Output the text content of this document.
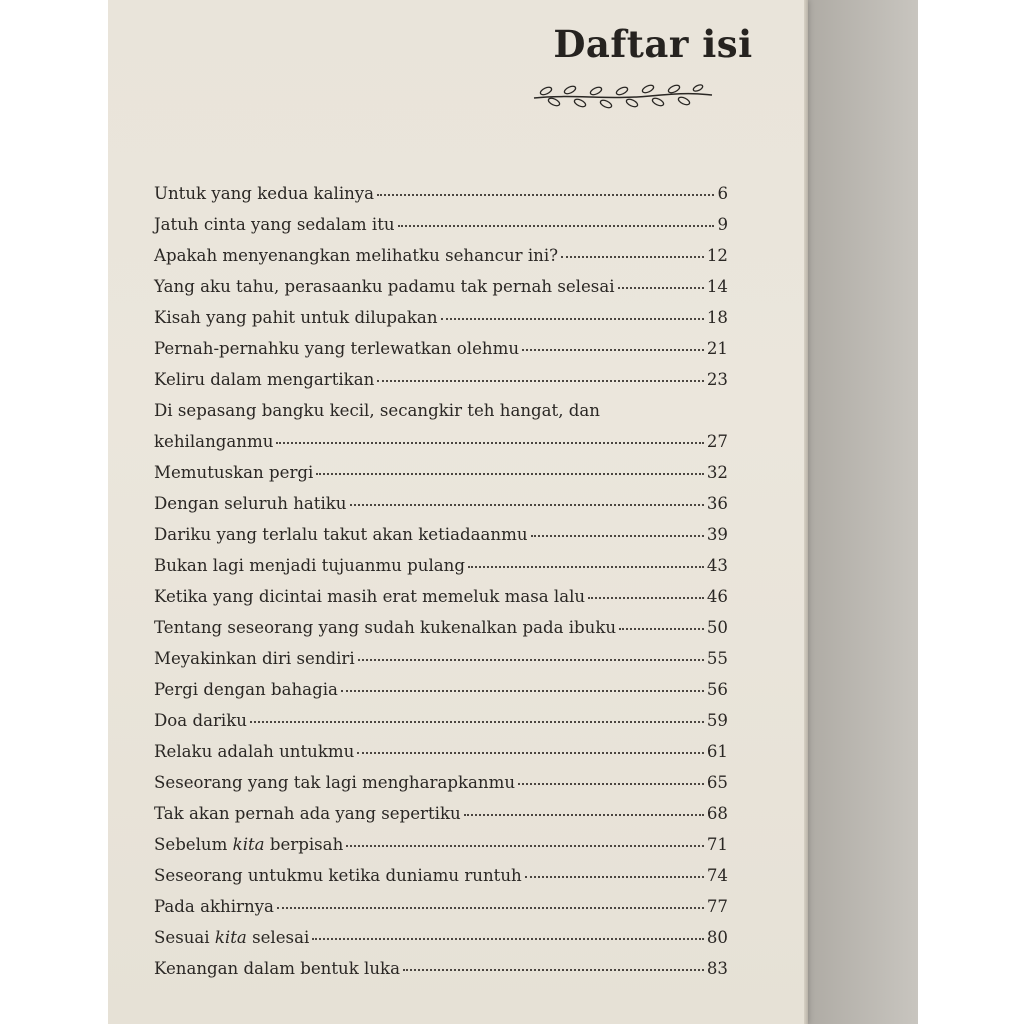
Daftar isi
Untuk yang kedua kalinya	6
Jatuh cinta yang sedalam itu	9
Apakah menyenangkan melihatku sehancur ini?	12
Yang aku tahu, perasaanku padamu tak pernah selesai	14
Kisah yang pahit untuk dilupakan	18
Pernah-pernahku yang terlewatkan olehmu	21
Keliru dalam mengartikan	23
Di sepasang bangku kecil, secangkir teh hangat, dan
kehilanganmu	27
Memutuskan pergi	32
Dengan seluruh hatiku	36
Dariku yang terlalu takut akan ketiadaanmu	39
Bukan lagi menjadi tujuanmu pulang	43
Ketika yang dicintai masih erat memeluk masa lalu	46
Tentang seseorang yang sudah kukenalkan pada ibuku	50
Meyakinkan diri sendiri	55
Pergi dengan bahagia	56
Doa dariku	59
Relaku adalah untukmu	61
Seseorang yang tak lagi mengharapkanmu	65
Tak akan pernah ada yang sepertiku	68
Sebelum kita berpisah	71
Seseorang untukmu ketika duniamu runtuh	74
Pada akhirnya	77
Sesuai kita selesai	80
Kenangan dalam bentuk luka	83
